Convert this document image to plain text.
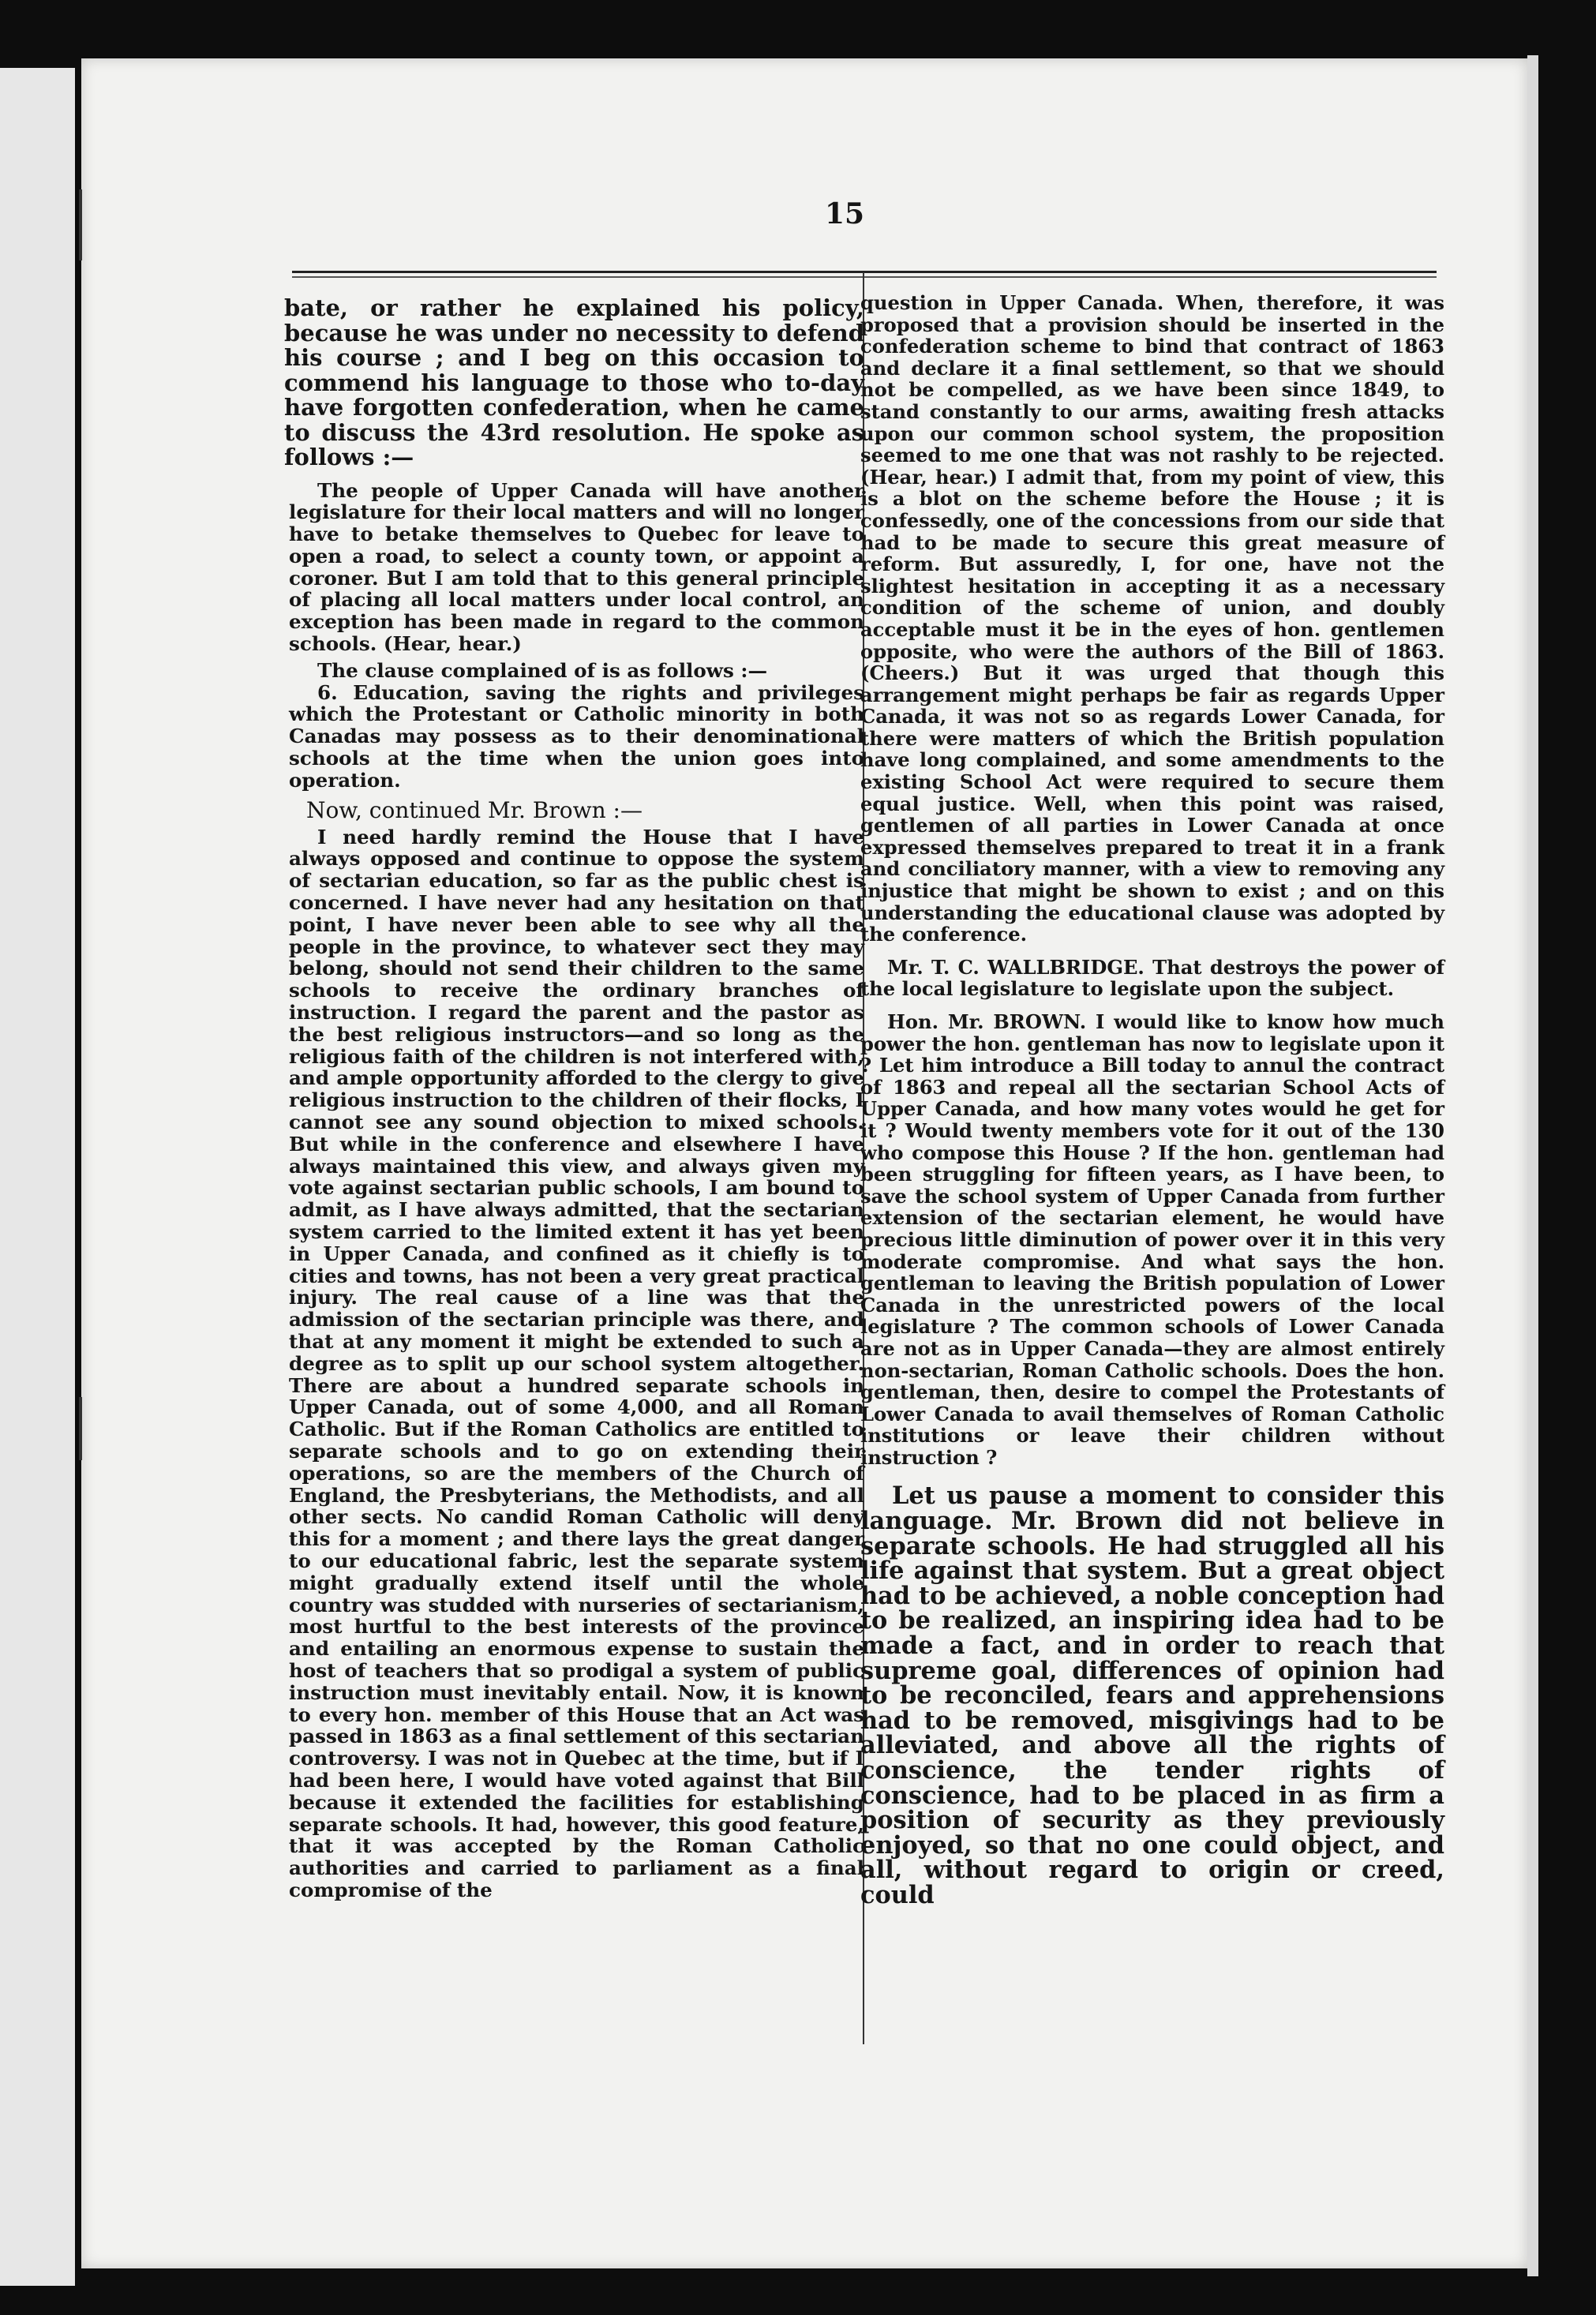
15

bate, or rather he explained his policy, because he was under no necessity to defend his course ; and I beg on this occasion to commend his language to those who to-day have forgotten confederation, when he came to discuss the 43rd resolution. He spoke as follows :—

The people of Upper Canada will have another legislature for their local matters and will no longer have to betake themselves to Quebec for leave to open a road, to select a county town, or appoint a coroner. But I am told that to this general principle of placing all local matters under local control, an exception has been made in regard to the common schools. (Hear, hear.)

The clause complained of is as follows :—

6. Education, saving the rights and privileges which the Protestant or Catholic minority in both Canadas may possess as to their denominational schools at the time when the union goes into operation.

Now, continued Mr. Brown :—

I need hardly remind the House that I have always opposed and continue to oppose the system of sectarian education, so far as the public chest is concerned. I have never had any hesitation on that point, I have never been able to see why all the people in the province, to whatever sect they may belong, should not send their children to the same schools to receive the ordinary branches of instruction. I regard the parent and the pastor as the best religious instructors—and so long as the religious faith of the children is not interfered with, and ample opportunity afforded to the clergy to give religious instruction to the children of their flocks, I cannot see any sound objection to mixed schools. But while in the conference and elsewhere I have always maintained this view, and always given my vote against sectarian public schools, I am bound to admit, as I have always admitted, that the sectarian system carried to the limited extent it has yet been in Upper Canada, and confined as it chiefly is to cities and towns, has not been a very great practical injury. The real cause of a line was that the admission of the sectarian principle was there, and that at any moment it might be extended to such a degree as to split up our school system altogether. There are about a hundred separate schools in Upper Canada, out of some 4,000, and all Roman Catholic. But if the Roman Catholics are entitled to separate schools and to go on extending their operations, so are the members of the Church of England, the Presbyterians, the Methodists, and all other sects. No candid Roman Catholic will deny this for a moment ; and there lays the great danger to our educational fabric, lest the separate system might gradually extend itself until the whole country was studded with nurseries of sectarianism, most hurtful to the best interests of the province and entailing an enormous expense to sustain the host of teachers that so prodigal a system of public instruction must inevitably entail. Now, it is known to every hon. member of this House that an Act was passed in 1863 as a final settlement of this sectarian controversy. I was not in Quebec at the time, but if I had been here, I would have voted against that Bill because it extended the facilities for establishing separate schools. It had, however, this good feature, that it was accepted by the Roman Catholic authorities and carried to parliament as a final compromise of the

question in Upper Canada. When, therefore, it was proposed that a provision should be inserted in the confederation scheme to bind that contract of 1863 and declare it a final settlement, so that we should not be compelled, as we have been since 1849, to stand constantly to our arms, awaiting fresh attacks upon our common school system, the proposition seemed to me one that was not rashly to be rejected. (Hear, hear.) I admit that, from my point of view, this is a blot on the scheme before the House ; it is confessedly, one of the concessions from our side that had to be made to secure this great measure of reform. But assuredly, I, for one, have not the slightest hesitation in accepting it as a necessary condition of the scheme of union, and doubly acceptable must it be in the eyes of hon. gentlemen opposite, who were the authors of the Bill of 1863. (Cheers.) But it was urged that though this arrangement might perhaps be fair as regards Upper Canada, it was not so as regards Lower Canada, for there were matters of which the British population have long complained, and some amendments to the existing School Act were required to secure them equal justice. Well, when this point was raised, gentlemen of all parties in Lower Canada at once expressed themselves prepared to treat it in a frank and conciliatory manner, with a view to removing any injustice that might be shown to exist ; and on this understanding the educational clause was adopted by the conference.

Mr. T. C. WALLBRIDGE. That destroys the power of the local legislature to legislate upon the subject.

Hon. Mr. BROWN. I would like to know how much power the hon. gentleman has now to legislate upon it ? Let him introduce a Bill today to annul the contract of 1863 and repeal all the sectarian School Acts of Upper Canada, and how many votes would he get for it ? Would twenty members vote for it out of the 130 who compose this House ? If the hon. gentleman had been struggling for fifteen years, as I have been, to save the school system of Upper Canada from further extension of the sectarian element, he would have precious little diminution of power over it in this very moderate compromise. And what says the hon. gentleman to leaving the British population of Lower Canada in the unrestricted powers of the local legislature ? The common schools of Lower Canada are not as in Upper Canada—they are almost entirely non-sectarian, Roman Catholic schools. Does the hon. gentleman, then, desire to compel the Protestants of Lower Canada to avail themselves of Roman Catholic institutions or leave their children without instruction ?

Let us pause a moment to consider this language. Mr. Brown did not believe in separate schools. He had struggled all his life against that system. But a great object had to be achieved, a noble conception had to be realized, an inspiring idea had to be made a fact, and in order to reach that supreme goal, differences of opinion had to be reconciled, fears and apprehensions had to be removed, misgivings had to be alleviated, and above all the rights of conscience, the tender rights of conscience, had to be placed in as firm a position of security as they previously enjoyed, so that no one could object, and all, without regard to origin or creed, could
